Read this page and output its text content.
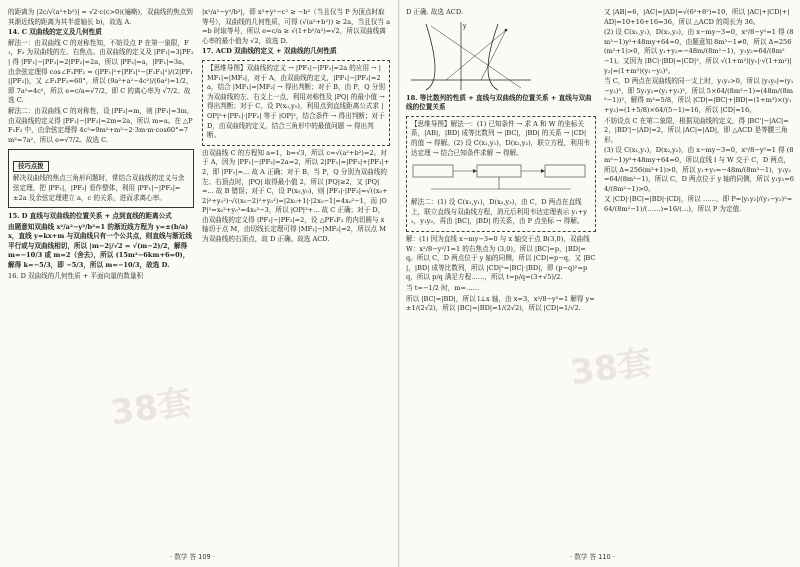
的距离为 |2c/√(a²+b²)| = √2·c(c>0)(遍略)，双曲线的焦点到其渐近线的距离为其半虚轴长 b)，故选 A.

14. C 双曲线的定义及几何性质

解法一：由双曲线 C 的对称性知，不妨设点 P 在第一象限，F₁，F₂ 为双曲线的左、右焦点。由双曲线的定义及 |PF₁|=3|PF₂| 得 |PF₁|−|PF₂|=2|PF₂|=2a，所以 |PF₂|=a，|PF₁|=3a。由余弦定理得 cos∠F₁PF₂ = (|PF₁|²+|PF₂|²−|F₁F₂|²)/(2|PF₁||PF₂|)，又 ∠F₁PF₂=60°，所以 (9a²+a²−4c²)/(6a²)=1/2，即 7a²=4c²，所以 e=c/a=√7/2，即 C 的离心率为 √7/2。故选 C.

解法二：由双曲线 C 的对称性，设 |PF₂|=m，则 |PF₁|=3m，由双曲线的定义得 |PF₁|−|PF₂|=2m=2a，所以 m=a。在 △PF₁F₂ 中，由余弦定理得 4c²=9m²+m²−2·3m·m·cos60°=7m²=7a²，所以 e=√7/2。故选 C.

技巧点拨

解决双曲线的焦点三角形问题时，常结合双曲线的定义与余弦定理，把 |PF₁|，|PF₂| 看作整体，利用 |PF₁|−|PF₂|=±2a 及余弦定理建立 a，c 的关系，进而求离心率。

15. D 直线与双曲线的位置关系 + 点到直线的距离公式

由题意知双曲线 x²/a²−y²/b²=1 的渐近线方程为 y=±(b/a)x，直线 y=kx+m 与双曲线只有一个公共点，则直线与渐近线平行或与双曲线相切，所以 |m−2|/√2 = √(m−2)/2，解得 m=−10/3 或 m=2（舍去），所以 (15m²−6km+6=0)，解得 k=−5/3，即 −5/3，所以 m=−10/3，故选 D.

16. D 双曲线的几何性质 + 平面向量的数量积

|x²/a²−y²/b²|，即 x²+y²−c² ≥ −b²（当且仅当 P 为顶点时取等号），双曲线的几何性质，可得 (√(a²+b²)) ≥ 2a，当且仅当 a=b 时取等号，所以 e=c/a ≥ √(1+b²/a²)=√2，所以双曲线离心率的最小值为 √2，故选 D.

17. ACD 双曲线的定义 + 双曲线的几何性质

【思维导图】双曲线的定义 → |PF₁|−|PF₂|=2a 的应用 → |MF₁|=|MF₂|，对于 A，由双曲线的定义，|PF₁|−|PF₂|=2a，结合 |MF₁|=|MF₂| → 得出判断；对于 B，由 P，Q 分别为双曲线的左、右支上一点，利用对称性及 |PQ| 的最小值 → 得出判断；对于 C，设 P(x₀,y₀)，利用点到直线距离公式求 |OP|²+|PF₁|·|PF₂| 等于 |OP|²，结合条件 → 得出判断；对于 D，由双曲线的定义，结合三角形中的最值问题 → 得出判断。

由双曲线 C 的方程知 a=1，b=√3，所以 c=√(a²+b²)=2。对于 A，因为 |PF₁|−|PF₂|=2a=2，所以 2|PF₁|=|PF₂|+|PF₁|+2，即 |PF₁|=... 故 A 正确；对于 B，当 P，Q 分别为双曲线的左、右顶点时，|PQ| 取得最小值 2，所以 |PQ|≥2，又 |PQ|=... 故 B 错误；对于 C，设 P(x₀,y₀)，则 |PF₁|·|PF₂|=√((x₀+2)²+y₀²)·√((x₀−2)²+y₀²)=|2x₀+1|·|2x₀−1|=4x₀²−1，而 |OP|²=x₀²+y₀²=4x₀²−3，所以 |OP|²+... 故 C 正确；对于 D，由双曲线的定义得 |PF₁|−|PF₂|=2，设 △PF₁F₂ 的内切圆与 x 轴切于点 M，由切线长定理可得 |MF₁|−|MF₂|=2，所以点 M 为双曲线的右顶点，故 D 正确。故选 ACD.

38套
· 数学 答 109 ·

D 正确. 故选 ACD.

y

18. 等比数列的性质 + 直线与双曲线的位置关系 + 直线与双曲线的位置关系

【思维导图】解法一：(1) 已知条件 → 求 A 和 W 的坐标关系，|AB|，|BD| 成等比数列 → |BC|，|BD| 的关系 → |CD| 的值 → 得解。(2) 设 C(x₁,y₁)，D(x₂,y₂)，联立方程，利用韦达定理 → 结合已知条件求解 → 得解。

解法二：(1) 设 C(x₁,y₁)，D(x₂,y₂)，由 C，D 两点在直线上，联立直线与双曲线方程，消元后利用韦达定理表示 y₁+y₂，y₁y₂，再由 |BC|，|BD| 的关系，由 P 点坐标 → 得解。

解：(1) 因为直线 x−my−3=0 与 x 轴交于点 B(3,0)，双曲线 W：x²/8−y²/1=1 的右焦点为 (3,0)，所以 |BC|=p，|BD|=q。所以 C，D 两点位于 y 轴的同侧，所以 |CD|=p−q，又 |BC|，|BD| 成等比数列，所以 |CD|²=|BC|·|BD|，即 (p−q)²=pq，所以 p/q 满足方程……，所以 t=p/q=(3+√5)/2.

当 t=−1/2 时，m=……

所以 |BC|=|BD|，所以 l⊥x 轴，由 x=3，x²/8−y²=1 解得 y=±1/(2√2)，所以 |BC|=|BD|=1/(2√2)，所以 |CD|=1/√2.

又 |AB|=6，|AC|=|AD|=√(6²+8²)=10，所以 |AC|+|CD|+|AD|=10+16+16=36，所以 △ACD 的周长为 36。

(2) 设 C(x₁,y₁)，D(x₂,y₂)，由 x−my−3=0，x²/8−y²=1 得 (8m²−1)y²+48my+64=0，由题意知 8m²−1≠0，所以 Δ=256(m²+1)>0，所以 y₁+y₂=−48m/(8m²−1)，y₁y₂=64/(8m²−1)。又因为 |BC|·|BD|=|CD|²，所以 √(1+m²)|y₁|·√(1+m²)|y₂|=(1+m²)(y₁−y₂)²。

当 C，D 两点在双曲线的同一支上时，y₁y₂>0，所以 |y₁y₂|=(y₁−y₂)²，即 5y₁y₂=(y₁+y₂)²，所以 5×64/(8m²−1)=(48m/(8m²−1))²，解得 m²=5/8，所以 |CD|=|BC|+|BD|=(1+m²)×(y₁+y₂)=(1+5/8)×64/(5−1)=16，所以 |CD|=16。

不妨设点 C 在第二象限，根据双曲线的定义，得 |BC'|−|AC|=2，|BD'|−|AD|=2，所以 |AC|=|AD|，即 △ACD 是等腰三角形。

(3) 设 C(x₁,y₁)，D(x₂,y₂)，由 x−my−3=0，x²/8−y²=1 得 (8m²−1)y²+48my+64=0，所以直线 l 与 W 交于 C，D 两点，所以 Δ=256(m²+1)>0，所以 y₁+y₂=−48m/(8m²−1)，y₁y₂=64/(8m²−1)，所以 C，D 两点位于 y 轴的同侧，所以 y₁y₂=64/(8m²−1)>0。

又 |CD|·|BC|=|BD|·|CD|，所以 ……，即 P=|y₁y₂|/(y₁−y₂)²=64/(8m²−1)/(……)=16/(…)，所以 P 为定值.

38套
· 数学 答 110 ·
